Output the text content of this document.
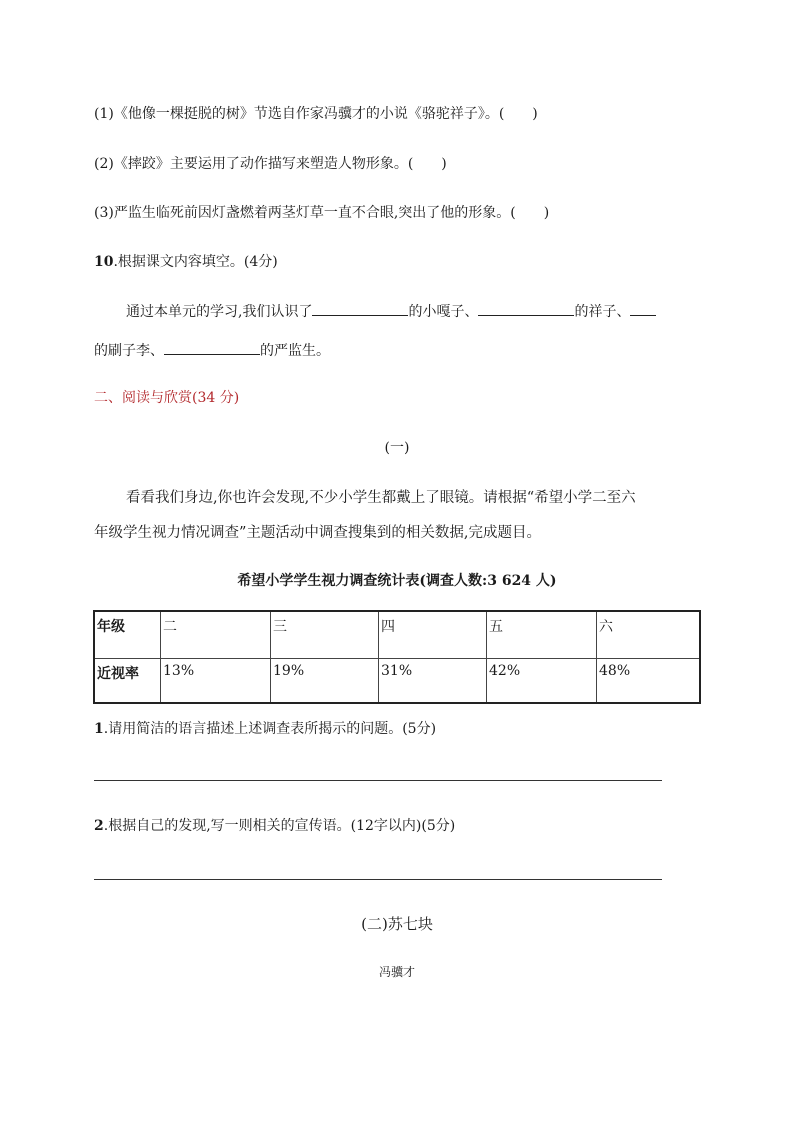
(1)《他像一棵挺脱的树》节选自作家冯骥才的小说《骆驼祥子》。(　　)
(2)《摔跤》主要运用了动作描写来塑造人物形象。(　　)
(3)严监生临死前因灯盏燃着两茎灯草一直不合眼,突出了他的形象。(　　)
10.根据课文内容填空。(4分)
通过本单元的学习,我们认识了	的小嘎子、	的祥子、
的刷子李、	的严监生。
二、阅读与欣赏(34 分)
(一)
看看我们身边,你也许会发现,不少小学生都戴上了眼镜。请根据“希望小学二至六
年级学生视力情况调查”主题活动中调查搜集到的相关数据,完成题目。
希望小学学生视力调查统计表(调查人数:3 624 人)
年级	二	三	四	五	六
近视率	13%	19%	31%	42%	48%
1.请用简洁的语言描述上述调查表所揭示的问题。(5分)
2.根据自己的发现,写一则相关的宣传语。(12字以内)(5分)
(二)苏七块
冯骥才
